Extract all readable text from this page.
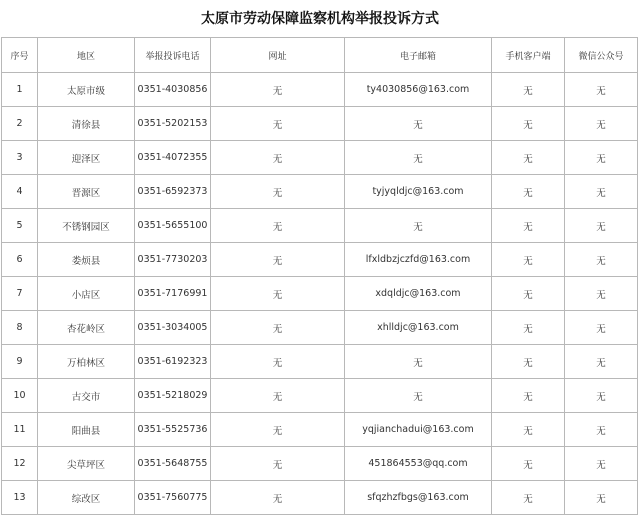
太原市劳动保障监察机构举报投诉方式
序号	地区	举报投诉电话	网址	电子邮箱	手机客户端	微信公众号
1	太原市级	0351-4030856	无	ty4030856@163.com	无	无
2	清徐县	0351-5202153	无	无	无	无
3	迎泽区	0351-4072355	无	无	无	无
4	晋源区	0351-6592373	无	tyjyqldjc@163.com	无	无
5	不锈钢园区	0351-5655100	无	无	无	无
6	娄烦县	0351-7730203	无	lfxldbzjczfd@163.com	无	无
7	小店区	0351-7176991	无	xdqldjc@163.com	无	无
8	杏花岭区	0351-3034005	无	xhlldjc@163.com	无	无
9	万柏林区	0351-6192323	无	无	无	无
10	古交市	0351-5218029	无	无	无	无
11	阳曲县	0351-5525736	无	yqjianchadui@163.com	无	无
12	尖草坪区	0351-5648755	无	451864553@qq.com	无	无
13	综改区	0351-7560775	无	sfqzhzfbgs@163.com	无	无
